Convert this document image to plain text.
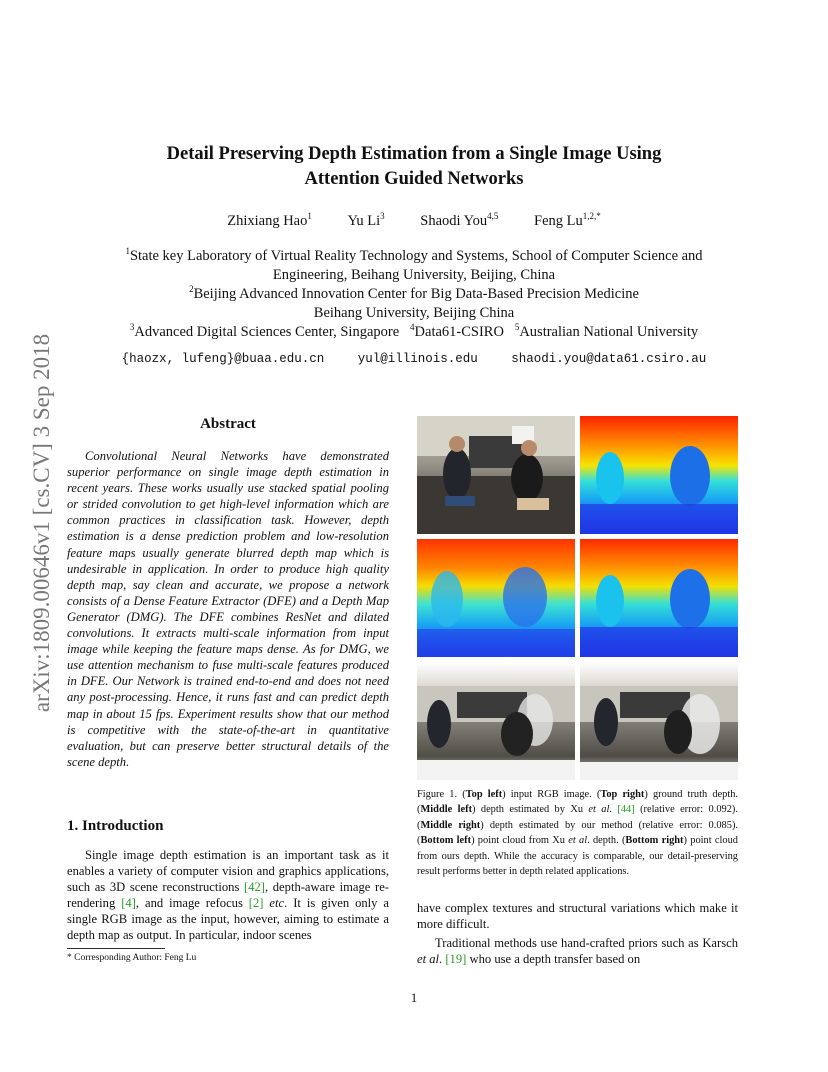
arXiv:1809.00646v1 [cs.CV] 3 Sep 2018
Detail Preserving Depth Estimation from a Single Image Using
Attention Guided Networks
Zhixiang Hao$^1$ Yu Li$^3$ Shaodi You$^{4,5}$ Feng $Lu^{1,2,*}$
$^1$State key Laboratory of Virtual Reality Technology and Systems, School of Computer Science and
Engineering, Beihang University, Beijing, China
$^2$Beijing Advanced Innovation Center for Big Data-Based Precision Medicine
Beihang University, Beijing China
$^3$Advanced Digital Sciences Center, Singapore $^4$Data61-CSIRO $^5$Australian National University
{haozx, lufeng}@buaa.edu.cn	yul@illinois.edu	shaodi.you@data61.csiro.au
Abstract
Convolutional Neural Networks have demonstrated superior performance on single image depth estimation in recent years. These works usually use stacked spatial pooling or strided convolution to get high-level information which are common practices in classification task. However, depth estimation is a dense prediction problem and low-resolution feature maps usually generate blurred depth map which is undesirable in application. In order to produce high quality depth map, say clean and accurate, we propose a network consists of a Dense Feature Extractor (DFE) and a Depth Map Generator (DMG). The DFE combines ResNet and dilated convolutions. It extracts multi-scale information from input image while keeping the feature maps dense. As for DMG, we use attention mechanism to fuse multi-scale features produced in DFE. Our Network is trained end-to-end and does not need any post-processing. Hence, it runs fast and can predict depth map in about 15 fps. Experiment results show that our method is competitive with the state-of-the-art in quantitative evaluation, but can preserve better structural details of the scene depth.
1. Introduction
Single image depth estimation is an important task as it enables a variety of computer vision and graphics applications, such as 3D scene reconstructions [42], depth-aware image re-rendering [4], and image refocus [2] etc. It is given only a single RGB image as the input, however, aiming to estimate a depth map as output. In particular, indoor scenes
* Corresponding Author: Feng Lu
Figure 1. (Top left) input RGB image. (Top right) ground truth depth. (Middle left) depth estimated by Xu et al. [44] (relative error: 0.092). (Middle right) depth estimated by our method (relative error: 0.085). (Bottom left) point cloud from Xu et al. depth. (Bottom right) point cloud from ours depth. While the accuracy is comparable, our detail-preserving result performs better in depth related applications.

have complex textures and structural variations which make it more difficult.

Traditional methods use hand-crafted priors such as Karsch et al. [19] who use a depth transfer based on

1
